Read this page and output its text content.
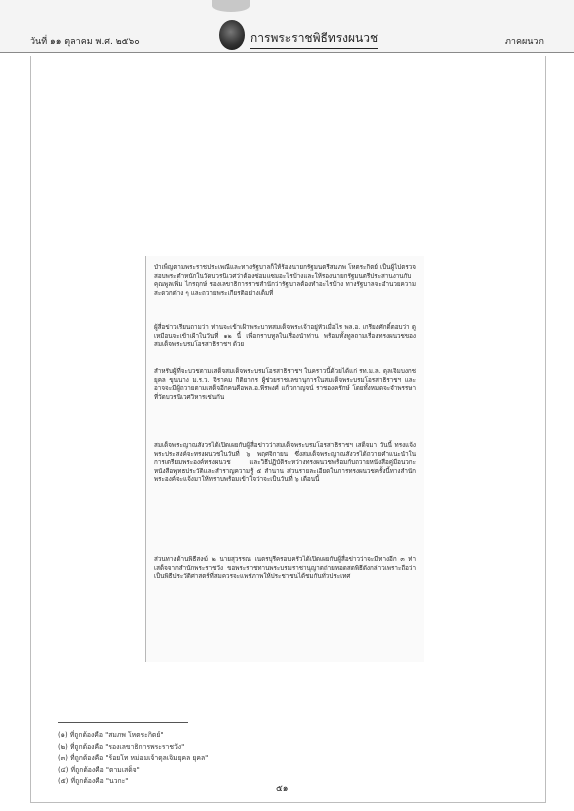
วันที่ ๑๑ ตุลาคม พ.ศ. ๒๕๖๐	การพระราชพิธีทรงผนวช	ภาคผนวก

บำเพ็ญตามพระราชประเพณีและทางรัฐบาลก็ให้ร้องนายกรัฐมนตรีสมภพ โหตระกิตย์ เป็นผู้ไปตรวจสอบพระตำหนักในวัดบวรนิเวศว่าต้องซ่อมแซมอะไรบ้างและให้รองนายกรัฐมนตรีประสานงานกับคุณพูลเพิ่ม ไกรฤกษ์ รองเลขาธิการราชสำนักว่ารัฐบาลต้องทำอะไรบ้าง ทางรัฐบาลจะอำนวยความสะดวกต่าง ๆ และถวายพระเกียรติอย่างเต็มที่

ผู้สื่อข่าวเรียนถามว่า ท่านจะเข้าเฝ้าพระบาทสมเด็จพระเจ้าอยู่หัวเมื่อไร พล.อ. เกรียงศักดิ์ตอบว่า ดูเหมือนจะเข้าเฝ้าในวันที่ ๑๒ นี้ เพื่อกราบทูลในเรื่องนำท่าน พร้อมทั้งทูลถามเรื่องทรงผนวชของสมเด็จพระบรมโอรสาธิราชฯ ด้วย

สำหรับผู้ที่จะบวชตามเสด็จสมเด็จพระบรมโอรสาธิราชฯ ในคราวนี้ด้วยได้แก่ รท.ม.ล. ดุลเจิมบงกช ยุคล ขุนนาง ม.ร.ว. จิราคม กิติยากร ผู้ช่วยราชเลขานุการในสมเด็จพระบรมโอรสาธิราชฯ และอาจจะมีผู้ถวายตามเสด็จอีกคนคือพล.อ.พีรพงศ์ แก้วกาญจน์ ราชองครักษ์ โดยทั้งหมดจะจำพรรษาที่วัดบวรนิเวศวิหารเช่นกัน

สมเด็จพระญาณสังวรได้เปิดเผยกับผู้สื่อข่าวว่าสมเด็จพระบรมโอรสาธิราชฯ เสด็จมา วันนี้ ทรงแจ้งพระประสงค์จะทรงผนวชในวันที่ ๖ พฤศจิกายน ซึ่งสมเด็จพระญาณสังวรได้ถวายคำแนะนำในการเตรียมพระองค์ทรงผนวช และวิธีปฏิบัติระหว่างทรงผนวชพร้อมกับถวายหนังสือคู่มือนวกะ หนังสือพุทธประวัติและสำราญความรู้ ๕ สำนาน ส่วนรายละเอียดในการทรงผนวชครั้งนี้ทางสำนักพระองค์จะแจ้งมาให้ทราบพร้อมเข้าใจว่าจะเป็นวันที่ ๖ เดือนนี้

ส่วนทางด้านพิธีสงฆ์ ๒ นายสุวรรณ เนตรบุรีครอบครัวได้เปิดเผยกับผู้สื่อข่าวว่าจะมีทางอีก ๓ ท่าเสด็จจากสำนักพระราชวัง ขอพระราชทานพระบรมราชานุญาตถ่ายทอดสดพิธีดังกล่าวเพราะถือว่าเป็นพิธีประวัติศาสตร์ที่สมควรจะแพร่ภาพให้ประชาชนได้ชมกันทั่วประเทศ

(๑) ที่ถูกต้องคือ "สมภพ โหตระกิตย์"
(๒) ที่ถูกต้องคือ "รองเลขาธิการพระราชวัง"
(๓) ที่ถูกต้องคือ "ร้อยโท หม่อมเจ้าดุลเจิมยุคล ยุคล"
(๔) ที่ถูกต้องคือ "ตามเสด็จ"
(๕) ที่ถูกต้องคือ "นวกะ"
๕๑
